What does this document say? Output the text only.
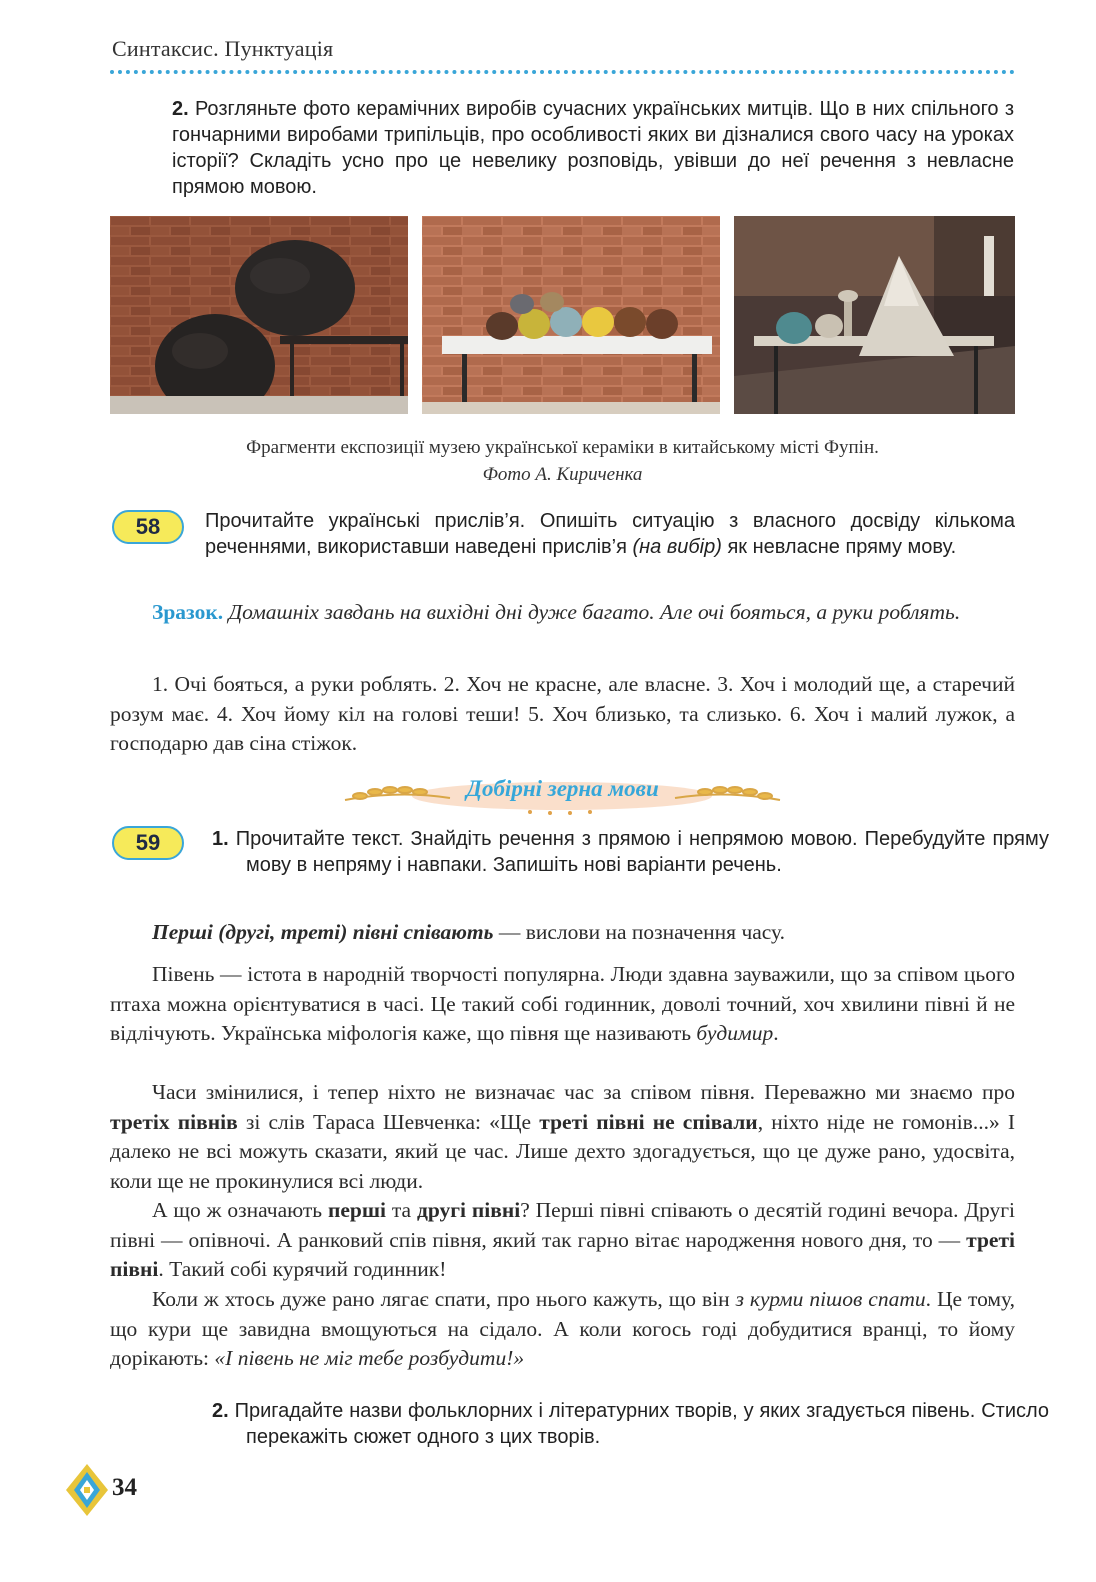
Синтаксис. Пунктуація
2. Розгляньте фото керамічних виробів сучасних українських митців. Що в них спільного з гончарними виробами трипільців, про особливості яких ви дізналися свого часу на уроках історії? Складіть усно про це невелику розповідь, увівши до неї речення з невласне прямою мовою.
Фрагменти експозиції музею української кераміки в китайському місті Фупін.
Фото А. Кириченка
58	Прочитайте українські прислів’я. Опишіть ситуацію з власного досвіду кількома реченнями, використавши наведені прислів’я (на вибір) як невласне пряму мову.
Зразок. Домашніх завдань на вихідні дні дуже багато. Але очі бояться, а руки роблять.
1. Очі бояться, а руки роблять. 2. Хоч не красне, але власне. 3. Хоч і молодий ще, а старечий розум має. 4. Хоч йому кіл на голові теши! 5. Хоч близько, та слизько. 6. Хоч і малий лужок, а господарю дав сіна стіжок.
Добірні зерна мови
59	1. Прочитайте текст. Знайдіть речення з прямою і непрямою мовою. Перебудуйте пряму мову в непряму і навпаки. Запишіть нові варіанти речень.
Перші (другі, треті) півні співають — вислови на позначення часу.
Півень — істота в народній творчості популярна. Люди здавна зауважили, що за співом цього птаха можна орієнтуватися в часі. Це такий собі годинник, доволі точний, хоч хвилини півні й не відлічують. Українська міфологія каже, що півня ще називають будимир.
Часи змінилися, і тепер ніхто не визначає час за співом півня. Переважно ми знаємо про третіх півнів зі слів Тараса Шевченка: «Ще треті півні не співали, ніхто ніде не гомонів...» І далеко не всі можуть сказати, який це час. Лише дехто здогадується, що це дуже рано, удосвіта, коли ще не прокинулися всі люди.
А що ж означають перші та другі півні? Перші півні співають о десятій годині вечора. Другі півні — опівночі. А ранковий спів півня, який так гарно вітає народження нового дня, то — треті півні. Такий собі курячий годинник!
Коли ж хтось дуже рано лягає спати, про нього кажуть, що він з курми пішов спати. Це тому, що кури ще завидна вмощуються на сідало. А коли когось годі добудитися вранці, то йому дорікають: «І півень не міг тебе розбудити!»
2. Пригадайте назви фольклорних і літературних творів, у яких згадується півень. Стисло перекажіть сюжет одного з цих творів.
34
